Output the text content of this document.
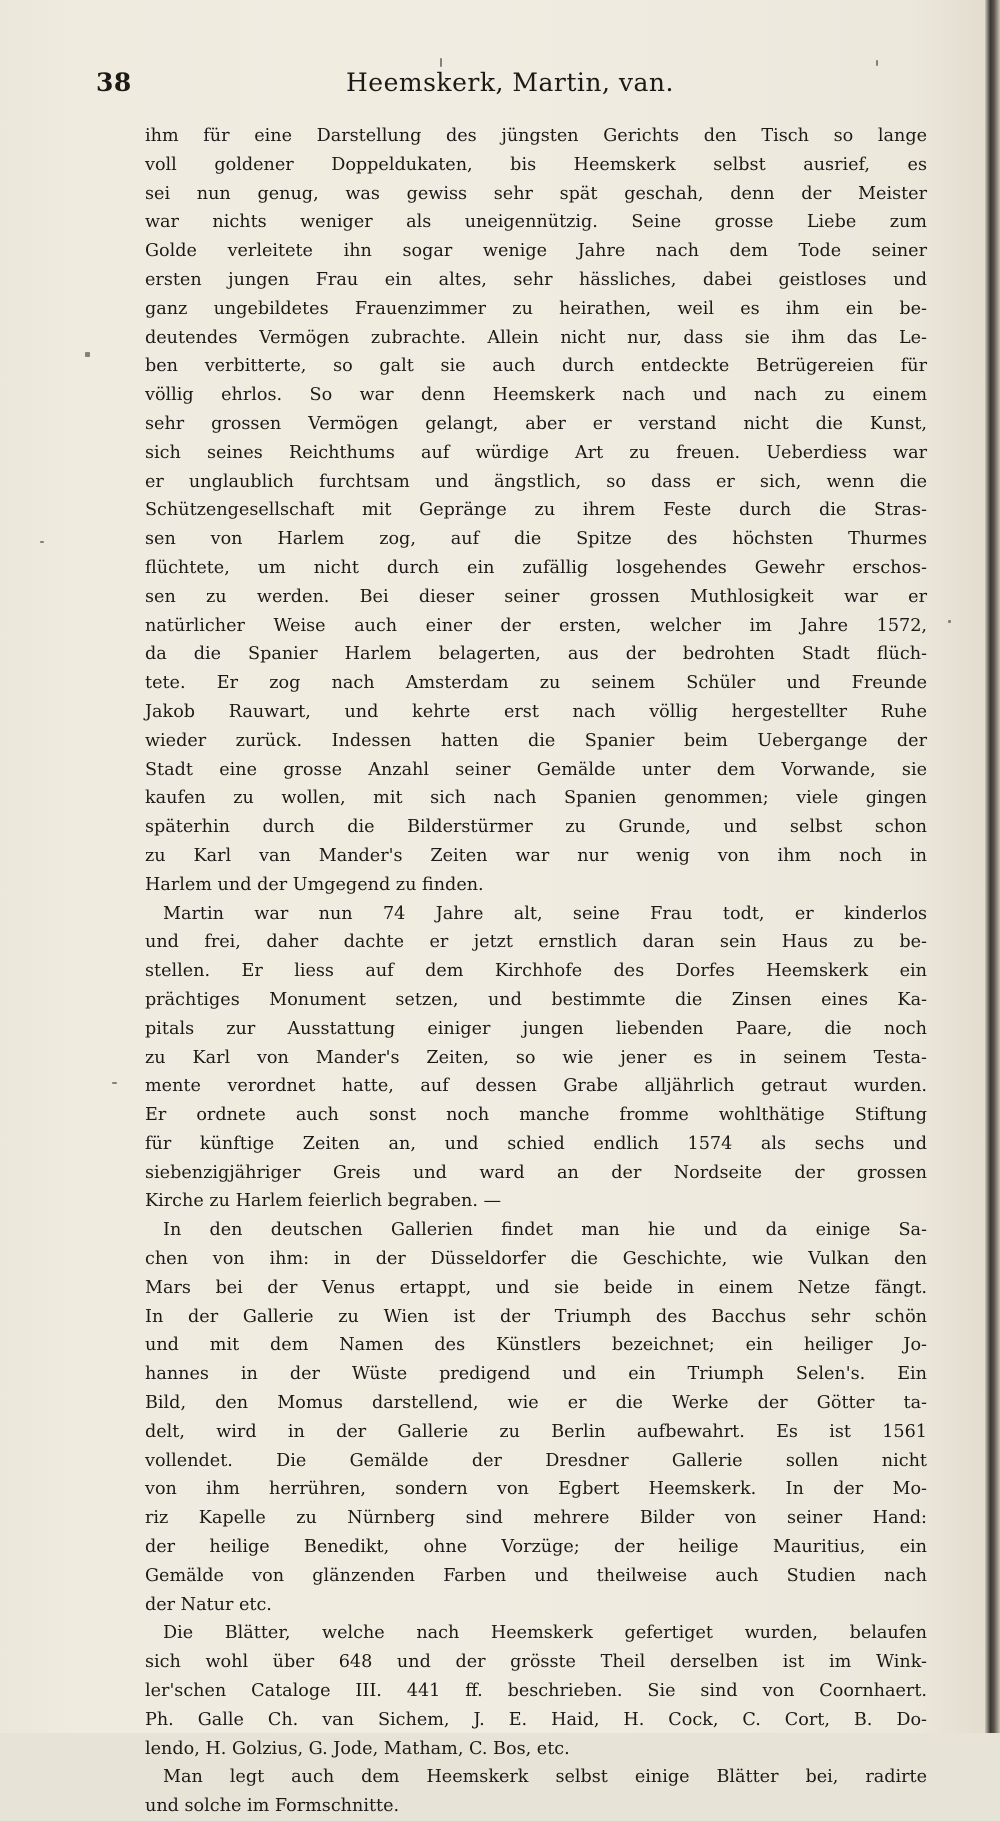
38	Heemskerk, Martin, van.
ihm für eine Darstellung des jüngsten Gerichts den Tisch so lange
voll goldener Doppeldukaten, bis Heemskerk selbst ausrief, es
sei nun genug, was gewiss sehr spät geschah, denn der Meister
war nichts weniger als uneigennützig. Seine grosse Liebe zum
Golde verleitete ihn sogar wenige Jahre nach dem Tode seiner
ersten jungen Frau ein altes, sehr hässliches, dabei geistloses und
ganz ungebildetes Frauenzimmer zu heirathen, weil es ihm ein be-
deutendes Vermögen zubrachte. Allein nicht nur, dass sie ihm das Le-
ben verbitterte, so galt sie auch durch entdeckte Betrügereien für
völlig ehrlos. So war denn Heemskerk nach und nach zu einem
sehr grossen Vermögen gelangt, aber er verstand nicht die Kunst,
sich seines Reichthums auf würdige Art zu freuen. Ueberdiess war
er unglaublich furchtsam und ängstlich, so dass er sich, wenn die
Schützengesellschaft mit Gepränge zu ihrem Feste durch die Stras-
sen von Harlem zog, auf die Spitze des höchsten Thurmes
flüchtete, um nicht durch ein zufällig losgehendes Gewehr erschos-
sen zu werden. Bei dieser seiner grossen Muthlosigkeit war er
natürlicher Weise auch einer der ersten, welcher im Jahre 1572,
da die Spanier Harlem belagerten, aus der bedrohten Stadt flüch-
tete. Er zog nach Amsterdam zu seinem Schüler und Freunde
Jakob Rauwart, und kehrte erst nach völlig hergestellter Ruhe
wieder zurück. Indessen hatten die Spanier beim Uebergange der
Stadt eine grosse Anzahl seiner Gemälde unter dem Vorwande, sie
kaufen zu wollen, mit sich nach Spanien genommen; viele gingen
späterhin durch die Bilderstürmer zu Grunde, und selbst schon
zu Karl van Mander's Zeiten war nur wenig von ihm noch in
Harlem und der Umgegend zu finden.
Martin war nun 74 Jahre alt, seine Frau todt, er kinderlos
und frei, daher dachte er jetzt ernstlich daran sein Haus zu be-
stellen. Er liess auf dem Kirchhofe des Dorfes Heemskerk ein
prächtiges Monument setzen, und bestimmte die Zinsen eines Ka-
pitals zur Ausstattung einiger jungen liebenden Paare, die noch
zu Karl von Mander's Zeiten, so wie jener es in seinem Testa-
mente verordnet hatte, auf dessen Grabe alljährlich getraut wurden.
Er ordnete auch sonst noch manche fromme wohlthätige Stiftung
für künftige Zeiten an, und schied endlich 1574 als sechs und
siebenzigjähriger Greis und ward an der Nordseite der grossen
Kirche zu Harlem feierlich begraben. —
In den deutschen Gallerien findet man hie und da einige Sa-
chen von ihm: in der Düsseldorfer die Geschichte, wie Vulkan den
Mars bei der Venus ertappt, und sie beide in einem Netze fängt.
In der Gallerie zu Wien ist der Triumph des Bacchus sehr schön
und mit dem Namen des Künstlers bezeichnet; ein heiliger Jo-
hannes in der Wüste predigend und ein Triumph Selen's. Ein
Bild, den Momus darstellend, wie er die Werke der Götter ta-
delt, wird in der Gallerie zu Berlin aufbewahrt. Es ist 1561
vollendet. Die Gemälde der Dresdner Gallerie sollen nicht
von ihm herrühren, sondern von Egbert Heemskerk. In der Mo-
riz Kapelle zu Nürnberg sind mehrere Bilder von seiner Hand:
der heilige Benedikt, ohne Vorzüge; der heilige Mauritius, ein
Gemälde von glänzenden Farben und theilweise auch Studien nach
der Natur etc.
Die Blätter, welche nach Heemskerk gefertiget wurden, belaufen
sich wohl über 648 und der grösste Theil derselben ist im Wink-
ler'schen Cataloge III. 441 ff. beschrieben. Sie sind von Coornhaert.
Ph. Galle Ch. van Sichem, J. E. Haid, H. Cock, C. Cort, B. Do-
lendo, H. Golzius, G. Jode, Matham, C. Bos, etc.
Man legt auch dem Heemskerk selbst einige Blätter bei, radirte
und solche im Formschnitte.
